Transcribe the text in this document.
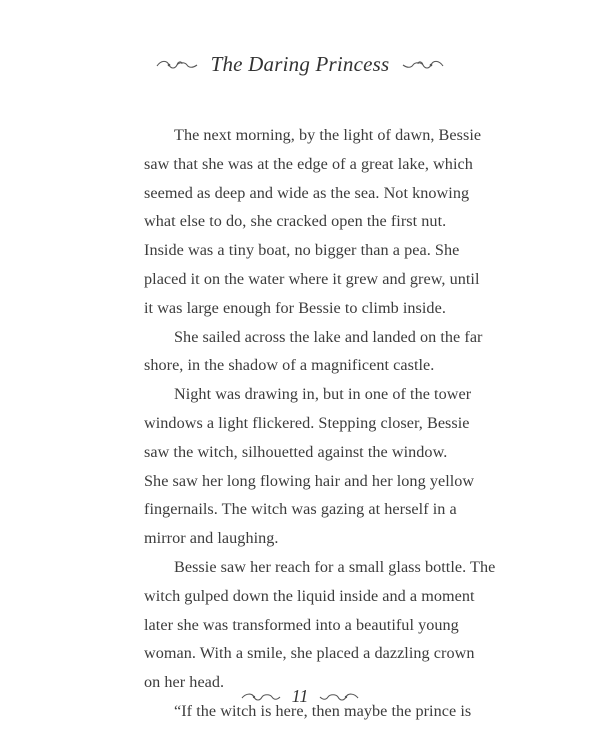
The Daring Princess
The next morning, by the light of dawn, Bessie
saw that she was at the edge of a great lake, which
seemed as deep and wide as the sea. Not knowing
what else to do, she cracked open the first nut.
Inside was a tiny boat, no bigger than a pea. She
placed it on the water where it grew and grew, until
it was large enough for Bessie to climb inside.
She sailed across the lake and landed on the far
shore, in the shadow of a magnificent castle.
Night was drawing in, but in one of the tower
windows a light flickered. Stepping closer, Bessie
saw the witch, silhouetted against the window.
She saw her long flowing hair and her long yellow
fingernails. The witch was gazing at herself in a
mirror and laughing.
Bessie saw her reach for a small glass bottle. The
witch gulped down the liquid inside and a moment
later she was transformed into a beautiful young
woman. With a smile, she placed a dazzling crown
on her head.
“If the witch is here, then maybe the prince is
11
